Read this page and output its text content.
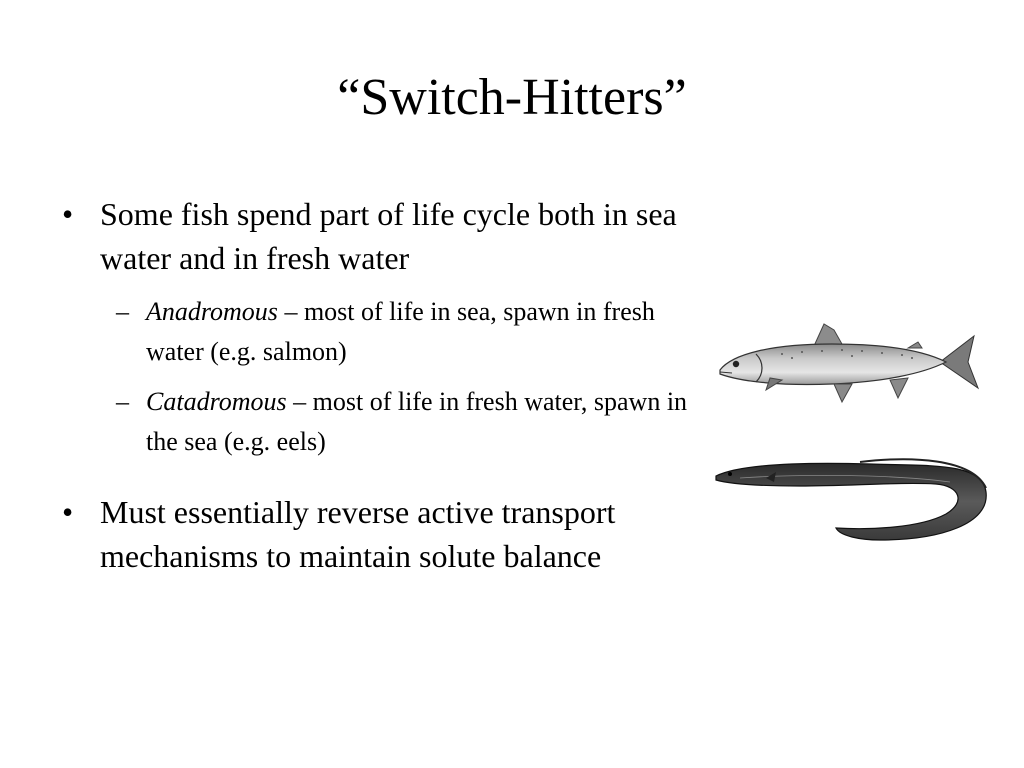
“Switch-Hitters”
• Some fish spend part of life cycle both in sea water and in fresh water
– Anadromous – most of life in sea, spawn in fresh water (e.g. salmon)
– Catadromous – most of life in fresh water, spawn in the sea (e.g. eels)
• Must essentially reverse active transport mechanisms to maintain solute balance
